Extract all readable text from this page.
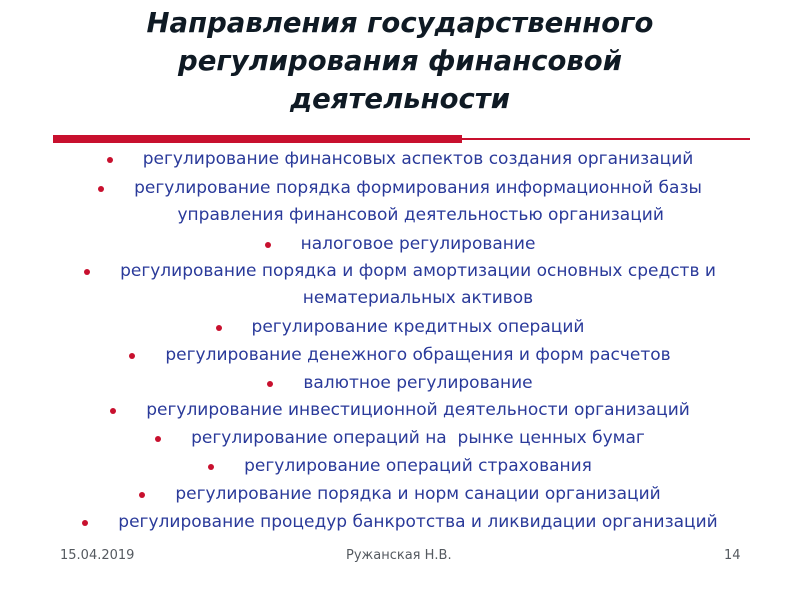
Направления государственного
регулирования финансовой
деятельности
регулирование финансовых аспектов создания организаций
регулирование порядка формирования информационной базы
управления финансовой деятельностью организаций
налоговое регулирование
регулирование порядка и форм амортизации основных средств и
нематериальных активов
регулирование кредитных операций
регулирование денежного обращения и форм расчетов
валютное регулирование
регулирование инвестиционной деятельности организаций
регулирование операций на  рынке ценных бумаг
регулирование операций страхования
регулирование порядка и норм санации организаций
регулирование процедур банкротства и ликвидации организаций
15.04.2019	Ружанская Н.В.	14
